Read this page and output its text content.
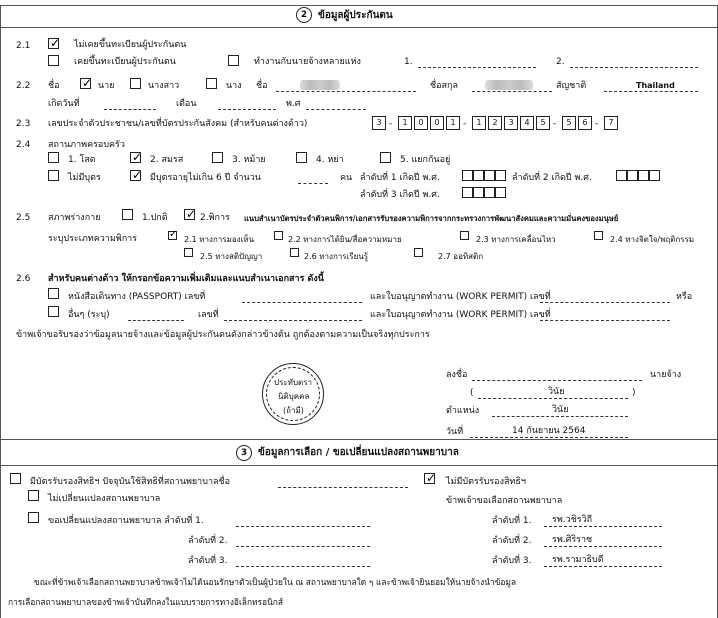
2	ข้อมูลผู้ประกันตน
2.1 ✓	ไม่เคยขึ้นทะเบียนผู้ประกันตน
เคยขึ้นทะเบียนผู้ประกันตน	ทำงานกับนายจ้างหลายแห่ง	1.	2.
2.2 ชื่อ ✓	นาย	นางสาว	นาง ชื่อ	ชื่อสกุล	สัญชาติ	Thailand
เกิดวันที่	เดือน	พ.ศ
2.3 เลขประจำตัวประชาชน/เลขที่บัตรประกันสังคม (สำหรับคนต่างด้าว)	3 -	1	0	0	1 -	1	2	3	4	5 -	5	6 -	7
2.4 สถานภาพครอบครัว
1. โสด ✓	2. สมรส	3. หม้าย	4. หย่า	5. แยกกันอยู่
ไม่มีบุตร ✓	มีบุตรอายุไม่เกิน 6 ปี จำนวน	คน ลำดับที่ 1 เกิดปี พ.ศ.	ลำดับที่ 2 เกิดปี พ.ศ.
ลำดับที่ 3 เกิดปี พ.ศ.
2.5 สภาพร่างกาย	1.ปกติ ✓	2.พิการ แนบสำเนาบัตรประจำตัวคนพิการ/เอกสารรับรองความพิการจากกระทรวงการพัฒนาสังคมและความมั่นคงของมนุษย์
ระบุประเภทความพิการ ✓	2.1 ทางการมองเห็น	2.2 ทางการได้ยิน/สื่อความหมาย	2.3 ทางการเคลื่อนไหว	2.4 ทางจิตใจ/พฤติกรรม
2.5 ทางสติปัญญา	2.6 ทางการเรียนรู้	2.7 ออทิสติก
2.6 สำหรับคนต่างด้าว ให้กรอกข้อความเพิ่มเติมและแนบสำเนาเอกสาร ดังนี้
หนังสือเดินทาง (PASSPORT) เลขที่	และใบอนุญาตทำงาน (WORK PERMIT) เลขที่	หรือ
อื่นๆ (ระบุ)	เลขที่	และใบอนุญาตทำงาน (WORK PERMIT) เลขที่
ข้าพเจ้าขอรับรองว่าข้อมูลนายจ้างและข้อมูลผู้ประกันตนดังกล่าวข้างต้น ถูกต้องตามความเป็นจริงทุกประการ
ประทับตรา
นิติบุคคล
(ถ้ามี)
ลงชื่อ	นายจ้าง
(	วินัย	)
ตำแหน่ง	วินัย
วันที่	14 กันยายน 2564
3	ข้อมูลการเลือก / ขอเปลี่ยนแปลงสถานพยาบาล
มีบัตรรับรองสิทธิฯ ปัจจุบันใช้สิทธิที่สถานพยาบาลชื่อ
ไม่เปลี่ยนแปลงสถานพยาบาล
ขอเปลี่ยนแปลงสถานพยาบาล ลำดับที่ 1.
ลำดับที่ 2.
ลำดับที่ 3.
✓
ไม่มีบัตรรับรองสิทธิฯ
ข้าพเจ้าขอเลือกสถานพยาบาล
ลำดับที่ 1. รพ.วชิรวิถี
ลำดับที่ 2. รพ.ศิริราช
ลำดับที่ 3. รพ.รามาธิบดี
ขณะที่ข้าพเจ้าเลือกสถานพยาบาลข้าพเจ้าไม่ได้นอนรักษาตัวเป็นผู้ป่วยใน ณ สถานพยาบาลใด ๆ และข้าพเจ้ายินยอมให้นายจ้างนำข้อมูล
การเลือกสถานพยาบาลของข้าพเจ้าบันทึกลงในแบบรายการทางอิเล็กทรอนิกส์
